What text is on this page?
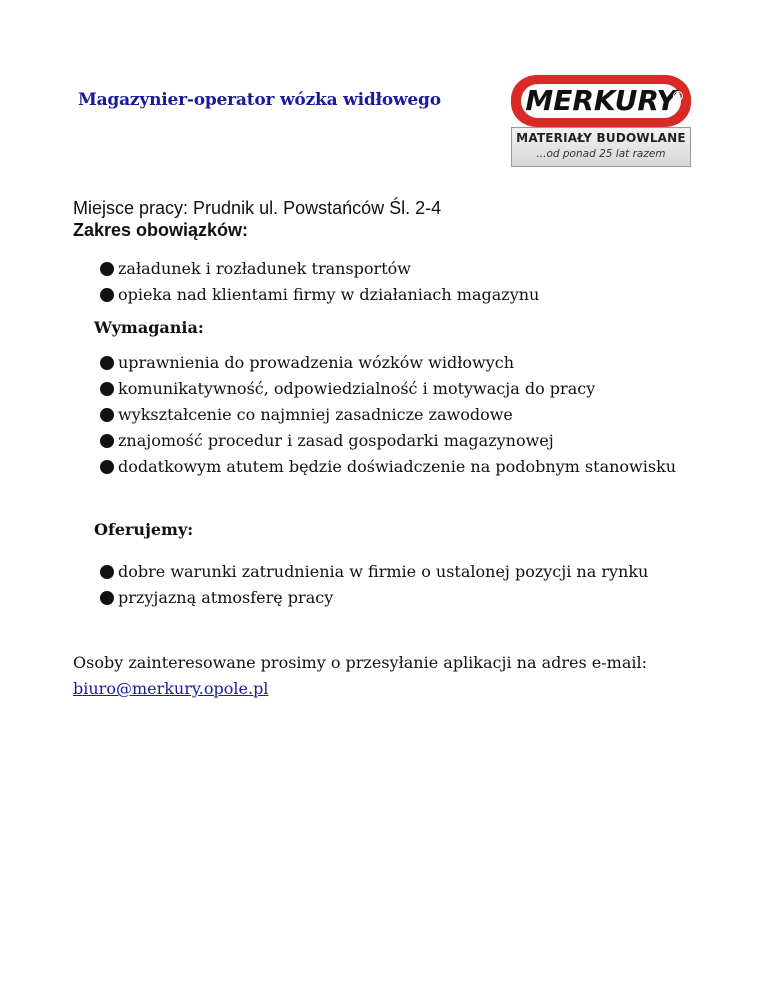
Magazynier-operator wózka widłowego	MERKURY R
MATERIAŁY BUDOWLANE
...od ponad 25 lat razem
Miejsce pracy: Prudnik ul. Powstańców Śl. 2-4
Zakres obowiązków:
załadunek i rozładunek transportów
opieka nad klientami firmy w działaniach magazynu
Wymagania:
uprawnienia do prowadzenia wózków widłowych
komunikatywność, odpowiedzialność i motywacja do pracy
wykształcenie co najmniej zasadnicze zawodowe
znajomość procedur i zasad gospodarki magazynowej
dodatkowym atutem będzie doświadczenie na podobnym stanowisku
Oferujemy:
dobre warunki zatrudnienia w firmie o ustalonej pozycji na rynku
przyjazną atmosferę pracy
Osoby zainteresowane prosimy o przesyłanie aplikacji na adres e-mail:
biuro@merkury.opole.pl
